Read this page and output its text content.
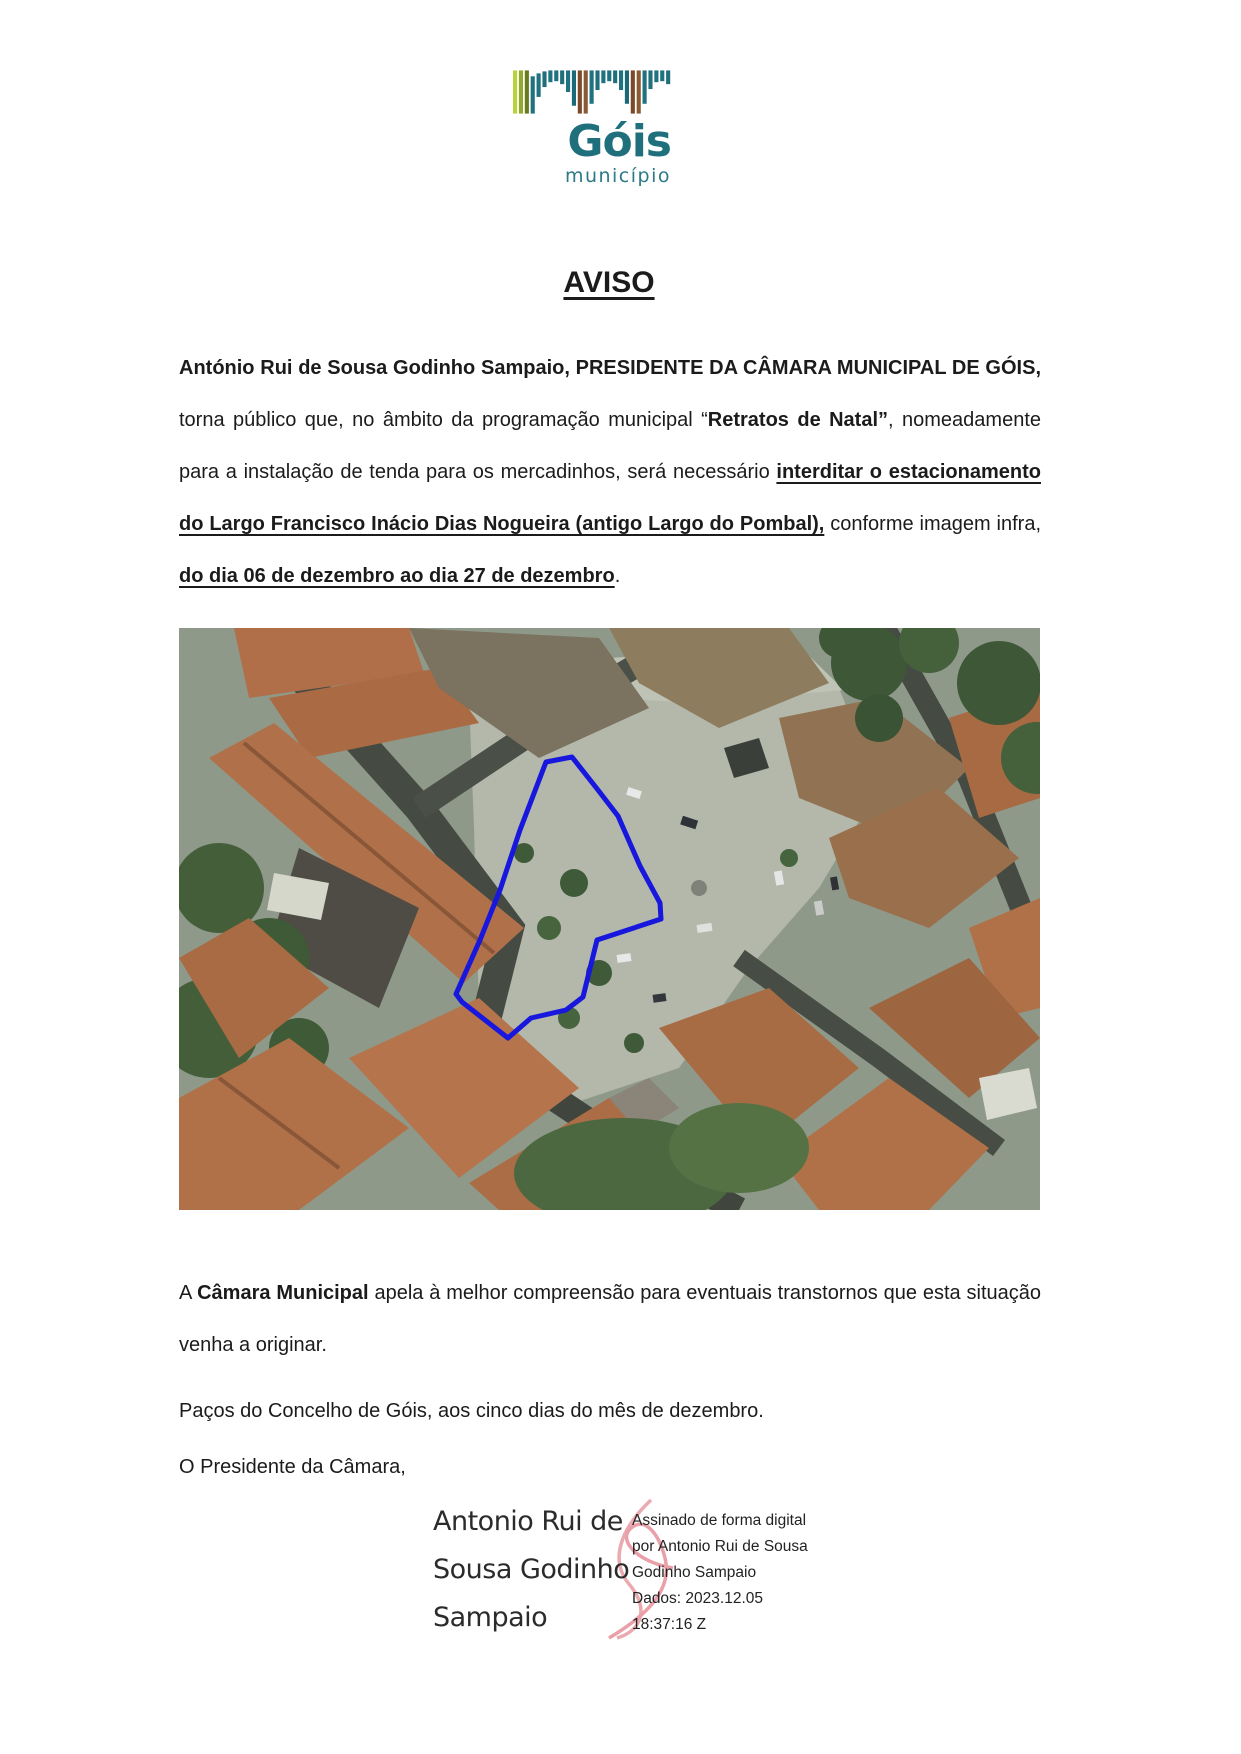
Góis
município
AVISO
António Rui de Sousa Godinho Sampaio, PRESIDENTE DA CÂMARA MUNICIPAL DE GÓIS, torna público que, no âmbito da programação municipal “Retratos de Natal”, nomeadamente para a instalação de tenda para os mercadinhos, será necessário interditar o estacionamento do Largo Francisco Inácio Dias Nogueira (antigo Largo do Pombal), conforme imagem infra, do dia 06 de dezembro ao dia 27 de dezembro.
A Câmara Municipal apela à melhor compreensão para eventuais transtornos que esta situação venha a originar.
Paços do Concelho de Góis, aos cinco dias do mês de dezembro.
O Presidente da Câmara,
Antonio Rui de
Sousa Godinho
Sampaio
Assinado de forma digital
por Antonio Rui de Sousa
Godinho Sampaio
Dados: 2023.12.05
18:37:16 Z
